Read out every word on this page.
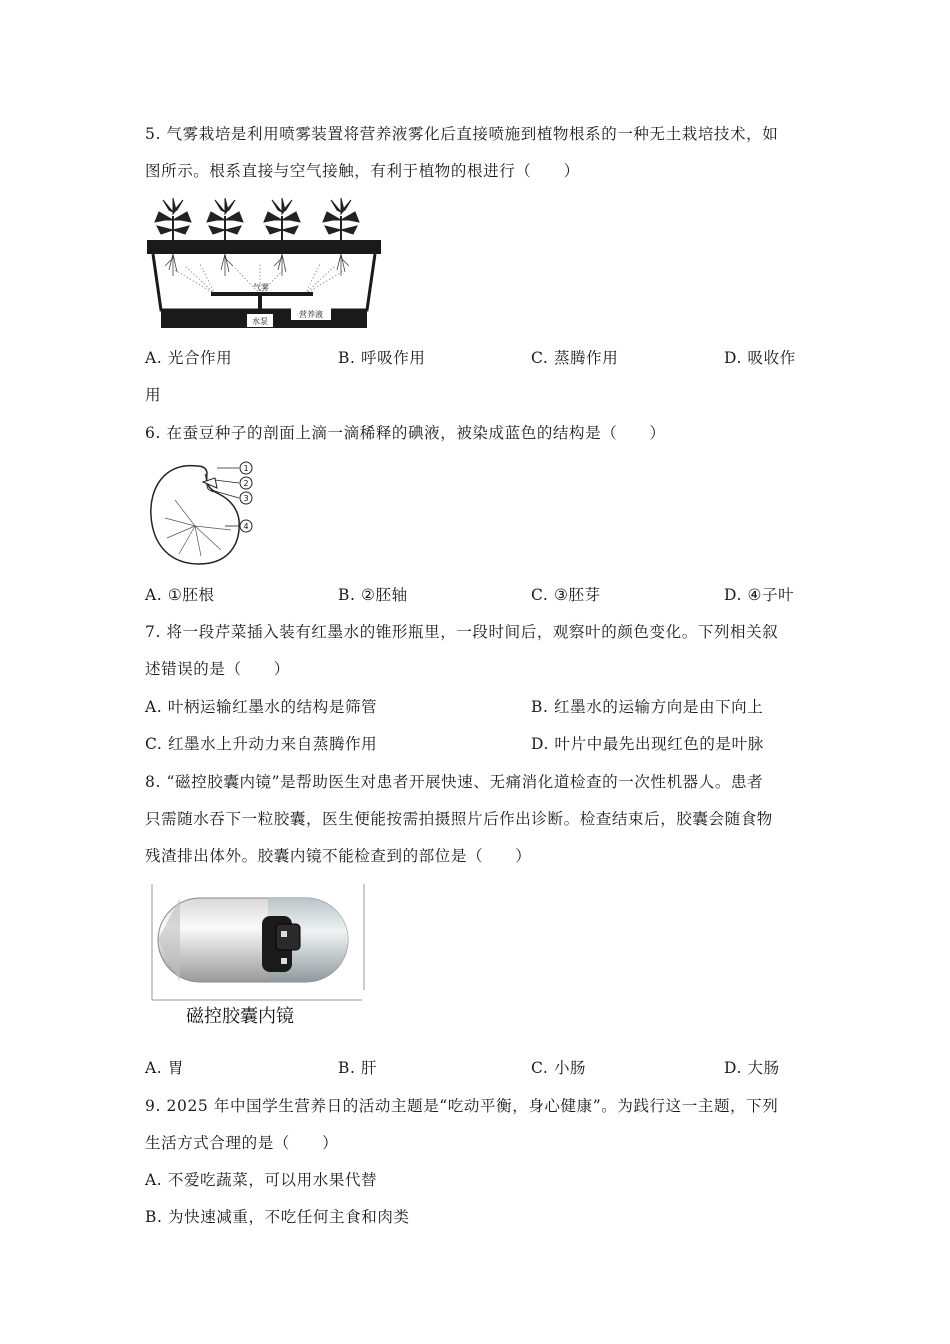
5. 气雾栽培是利用喷雾装置将营养液雾化后直接喷施到植物根系的一种无土栽培技术，如
图所示。根系直接与空气接触，有利于植物的根进行（　　）
气雾
水泵
营养液
A. 光合作用	B. 呼吸作用	C. 蒸腾作用	D. 吸收作
用
6. 在蚕豆种子的剖面上滴一滴稀释的碘液，被染成蓝色的结构是（　　）
1
2
3
4
A. ①胚根	B. ②胚轴	C. ③胚芽	D. ④子叶
7. 将一段芹菜插入装有红墨水的锥形瓶里，一段时间后，观察叶的颜色变化。下列相关叙
述错误的是（　　）
A. 叶柄运输红墨水的结构是筛管	B. 红墨水的运输方向是由下向上
C. 红墨水上升动力来自蒸腾作用	D. 叶片中最先出现红色的是叶脉
8. “磁控胶囊内镜”是帮助医生对患者开展快速、无痛消化道检查的一次性机器人。患者
只需随水吞下一粒胶囊，医生便能按需拍摄照片后作出诊断。检查结束后，胶囊会随食物
残渣排出体外。胶囊内镜不能检查到的部位是（　　）
磁控胶囊内镜
A. 胃	B. 肝	C. 小肠	D. 大肠
9. 2025 年中国学生营养日的活动主题是“吃动平衡，身心健康”。为践行这一主题，下列
生活方式合理的是（　　）
A. 不爱吃蔬菜，可以用水果代替
B. 为快速减重，不吃任何主食和肉类
